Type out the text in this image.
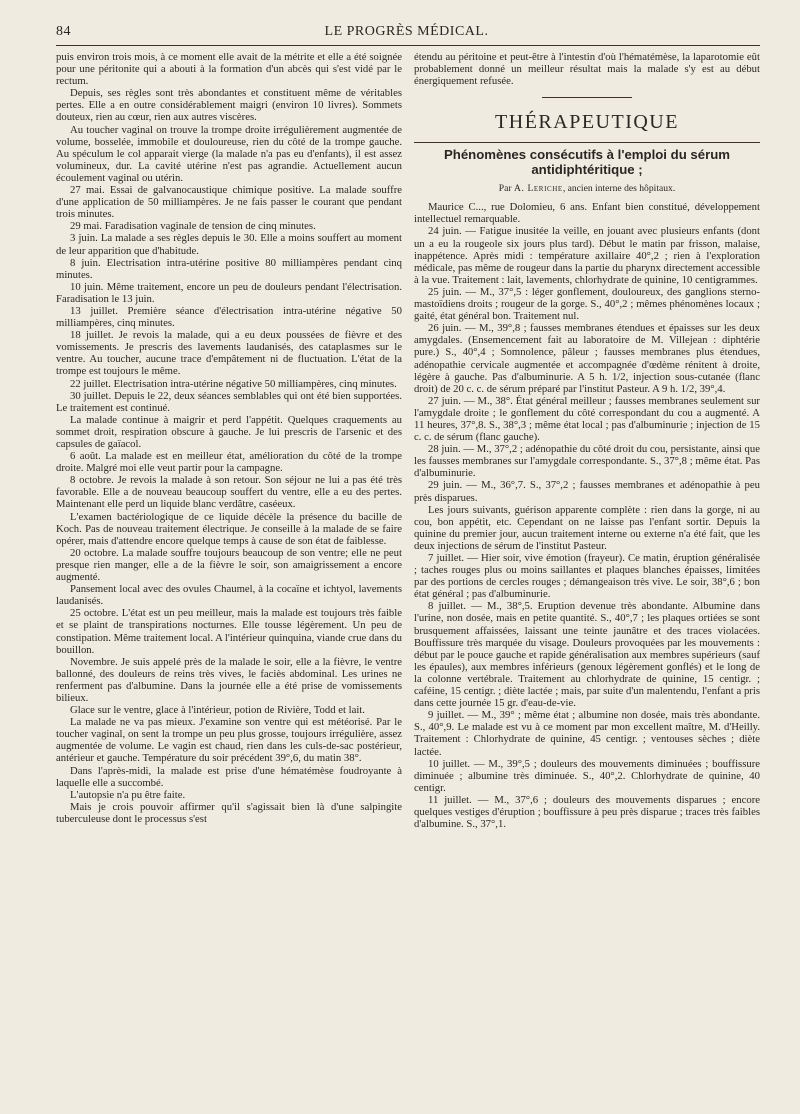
84	LE PROGRÈS MÉDICAL.

puis environ trois mois, à ce moment elle avait de la métrite et elle a été soignée pour une péritonite qui a abouti à la formation d'un abcès qui s'est vidé par le rectum.

Depuis, ses règles sont très abondantes et constituent même de véritables pertes. Elle a en outre considérablement maigri (environ 10 livres). Sommets douteux, rien au cœur, rien aux autres viscères.

Au toucher vaginal on trouve la trompe droite irrégulièrement augmentée de volume, bosselée, immobile et douloureuse, rien du côté de la trompe gauche. Au spéculum le col apparait vierge (la malade n'a pas eu d'enfants), il est assez volumineux, dur. La cavité utérine n'est pas agrandie. Actuellement aucun écoulement vaginal ou utérin.

27 mai. Essai de galvanocaustique chimique positive. La malade souffre d'une application de 50 milliampères. Je ne fais passer le courant que pendant trois minutes.

29 mai. Faradisation vaginale de tension de cinq minutes.

3 juin. La malade a ses règles depuis le 30. Elle a moins souffert au moment de leur apparition que d'habitude.

8 juin. Electrisation intra-utérine positive 80 milliampères pendant cinq minutes.

10 juin. Même traitement, encore un peu de douleurs pendant l'électrisation. Faradisation le 13 juin.

13 juillet. Première séance d'électrisation intra-utérine négative 50 milliampères, cinq minutes.

18 juillet. Je revois la malade, qui a eu deux poussées de fièvre et des vomissements. Je prescris des lavements laudanisés, des cataplasmes sur le ventre. Au toucher, aucune trace d'empâtement ni de fluctuation. L'état de la trompe est toujours le même.

22 juillet. Electrisation intra-utérine négative 50 milliampères, cinq minutes.

30 juillet. Depuis le 22, deux séances semblables qui ont été bien supportées. Le traitement est continué.

La malade continue à maigrir et perd l'appétit. Quelques craquements au sommet droit, respiration obscure à gauche. Je lui prescris de l'arsenic et des capsules de gaïacol.

6 août. La malade est en meilleur état, amélioration du côté de la trompe droite. Malgré moi elle veut partir pour la campagne.

8 octobre. Je revois la malade à son retour. Son séjour ne lui a pas été très favorable. Elle a de nouveau beaucoup souffert du ventre, elle a eu des pertes. Maintenant elle perd un liquide blanc verdâtre, caséeux.

L'examen bactériologique de ce liquide décèle la présence du bacille de Koch. Pas de nouveau traitement électrique. Je conseille à la malade de se faire opérer, mais d'attendre encore quelque temps à cause de son état de faiblesse.

20 octobre. La malade souffre toujours beaucoup de son ventre; elle ne peut presque rien manger, elle a de la fièvre le soir, son amaigrissement a encore augmenté.

Pansement local avec des ovules Chaumel, à la cocaïne et ichtyol, lavements laudanisés.

25 octobre. L'état est un peu meilleur, mais la malade est toujours très faible et se plaint de transpirations nocturnes. Elle tousse légèrement. Un peu de constipation. Même traitement local. A l'intérieur quinquina, viande crue dans du bouillon.

Novembre. Je suis appelé près de la malade le soir, elle a la fièvre, le ventre ballonné, des douleurs de reins très vives, le faciès abdominal. Les urines ne renferment pas d'albumine. Dans la journée elle a été prise de vomissements bilieux.

Glace sur le ventre, glace à l'intérieur, potion de Rivière, Todd et lait.

La malade ne va pas mieux. J'examine son ventre qui est météorisé. Par le toucher vaginal, on sent la trompe un peu plus grosse, toujours irrégulière, assez augmentée de volume. Le vagin est chaud, rien dans les culs-de-sac postérieur, antérieur et gauche. Température du soir précédent 39°,6, du matin 38°.

Dans l'après-midi, la malade est prise d'une hématémèse foudroyante à laquelle elle a succombé.

L'autopsie n'a pu être faite.

Mais je crois pouvoir affirmer qu'il s'agissait bien là d'une salpingite tuberculeuse dont le processus s'est

étendu au péritoine et peut-être à l'intestin d'où l'hématémèse, la laparotomie eût probablement donné un meilleur résultat mais la malade s'y est au début énergiquement refusée.

THÉRAPEUTIQUE
Phénomènes consécutifs à l'emploi du sérum
antidiphtéritique ;
Par A. Leriche, ancien interne des hôpitaux.

Maurice C..., rue Dolomieu, 6 ans. Enfant bien constitué, développement intellectuel remarquable.

24 juin. — Fatigue inusitée la veille, en jouant avec plusieurs enfants (dont un a eu la rougeole six jours plus tard). Début le matin par frisson, malaise, inappétence. Après midi : température axillaire 40°,2 ; rien à l'exploration médicale, pas même de rougeur dans la partie du pharynx directement accessible à la vue. Traitement : lait, lavements, chlorhydrate de quinine, 10 centigrammes.

25 juin. — M., 37°,5 : léger gonflement, douloureux, des ganglions sterno-mastoïdiens droits ; rougeur de la gorge. S., 40°,2 ; mêmes phénomènes locaux ; gaité, état général bon. Traitement nul.

26 juin. — M., 39°,8 ; fausses membranes étendues et épaisses sur les deux amygdales. (Ensemencement fait au laboratoire de M. Villejean : diphtérie pure.) S., 40°,4 ; Somnolence, pâleur ; fausses membranes plus étendues, adénopathie cervicale augmentée et accompagnée d'œdème rénitent à droite, légère à gauche. Pas d'albuminurie. A 5 h. 1/2, injection sous-cutanée (flanc droit) de 20 c. c. de sérum préparé par l'institut Pasteur. A 9 h. 1/2, 39°,4.

27 juin. — M., 38°. État général meilleur ; fausses membranes seulement sur l'amygdale droite ; le gonflement du côté correspondant du cou a augmenté. A 11 heures, 37°,8. S., 38°,3 ; même état local ; pas d'albuminurie ; injection de 15 c. c. de sérum (flanc gauche).

28 juin. — M., 37°,2 ; adénopathie du côté droit du cou, persistante, ainsi que les fausses membranes sur l'amygdale correspondante. S., 37°,8 ; même état. Pas d'albuminurie.

29 juin. — M., 36°,7. S., 37°,2 ; fausses membranes et adénopathie à peu près disparues.

Les jours suivants, guérison apparente complète : rien dans la gorge, ni au cou, bon appétit, etc. Cependant on ne laisse pas l'enfant sortir. Depuis la quinine du premier jour, aucun traitement interne ou externe n'a été fait, que les deux injections de sérum de l'institut Pasteur.

7 juillet. — Hier soir, vive émotion (frayeur). Ce matin, éruption généralisée ; taches rouges plus ou moins saillantes et plaques blanches épaisses, limitées par des portions de cercles rouges ; démangeaison très vive. Le soir, 38°,6 ; bon état général ; pas d'albuminurie.

8 juillet. — M., 38°,5. Eruption devenue très abondante. Albumine dans l'urine, non dosée, mais en petite quantité. S., 40°,7 ; les plaques ortiées se sont brusquement affaissées, laissant une teinte jaunâtre et des traces violacées. Bouffissure très marquée du visage. Douleurs provoquées par les mouvements : début par le pouce gauche et rapide généralisation aux membres supérieurs (sauf les épaules), aux membres inférieurs (genoux légèrement gonflés) et le long de la colonne vertébrale. Traitement au chlorhydrate de quinine, 15 centigr. ; caféine, 15 centigr. ; diète lactée ; mais, par suite d'un malentendu, l'enfant a pris dans cette journée 15 gr. d'eau-de-vie.

9 juillet. — M., 39° ; même état ; albumine non dosée, mais très abondante. S., 40°,9. Le malade est vu à ce moment par mon excellent maître, M. d'Heilly. Traitement : Chlorhydrate de quinine, 45 centigr. ; ventouses sèches ; diète lactée.

10 juillet. — M., 39°,5 ; douleurs des mouvements diminuées ; bouffissure diminuée ; albumine très diminuée. S., 40°,2. Chlorhydrate de quinine, 40 centigr.

11 juillet. — M., 37°,6 ; douleurs des mouvements disparues ; encore quelques vestiges d'éruption ; bouffissure à peu près disparue ; traces très faibles d'albumine. S., 37°,1.
